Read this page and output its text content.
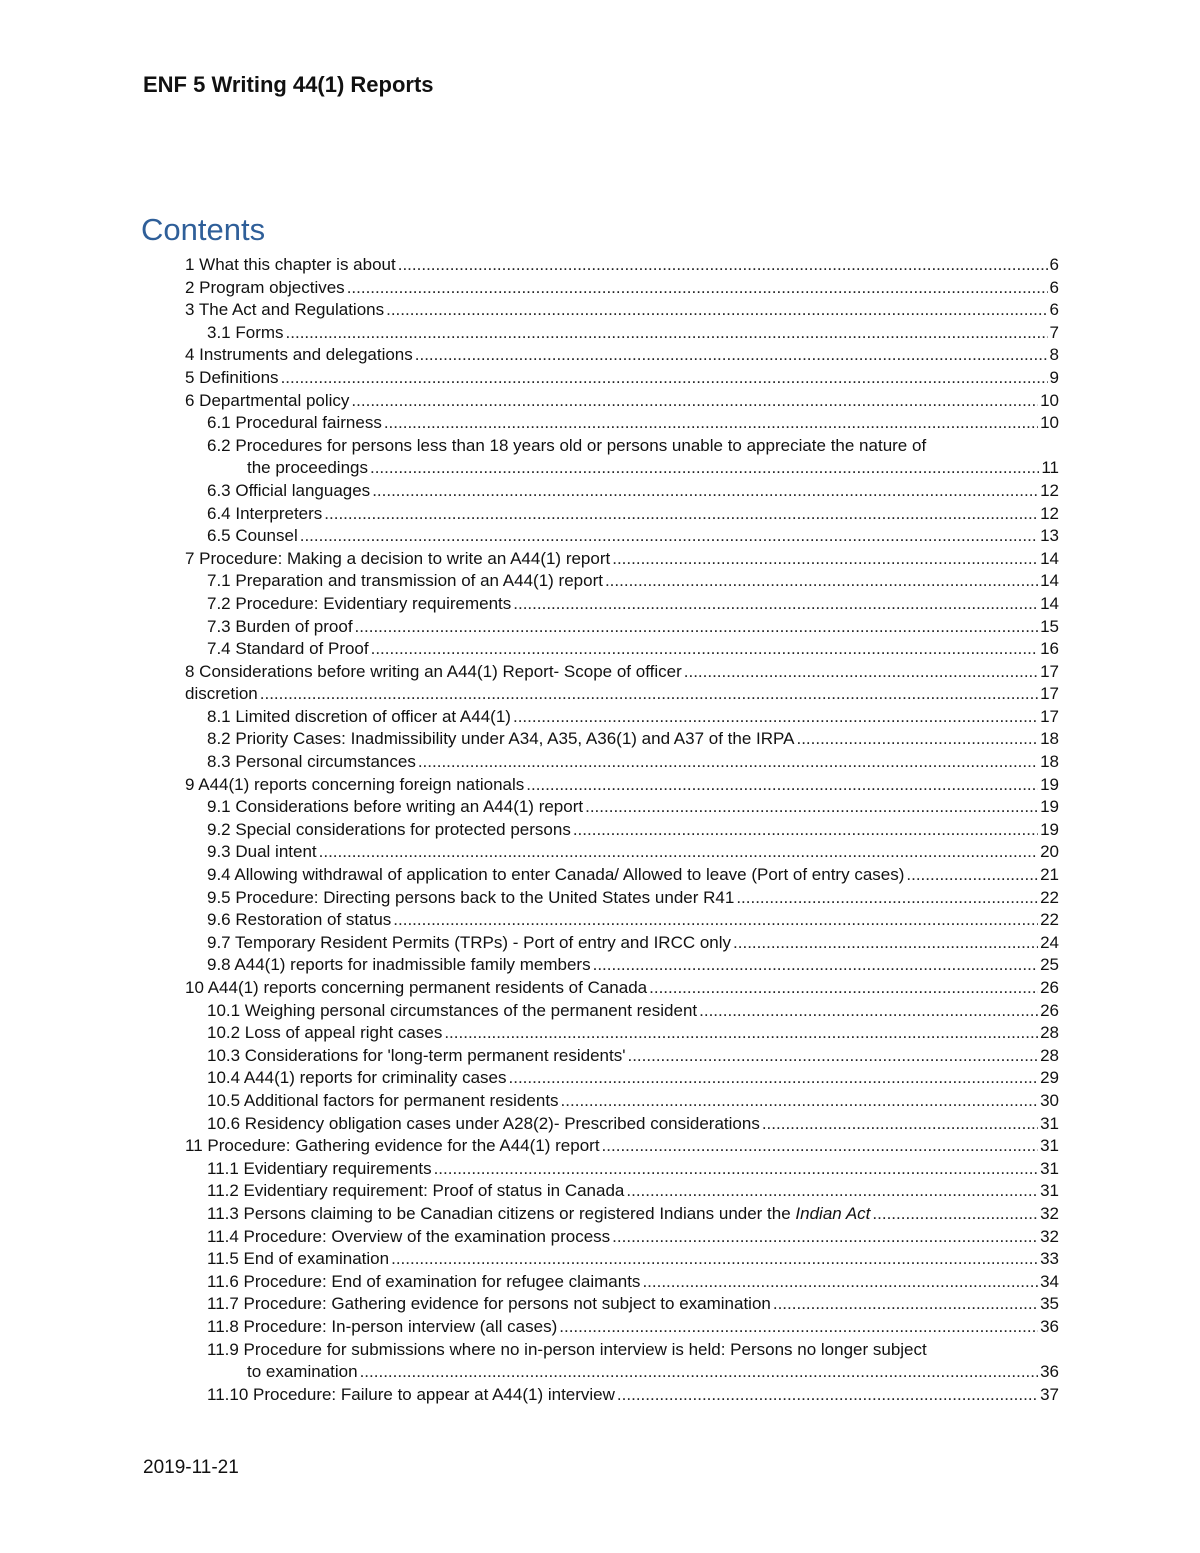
ENF 5 Writing 44(1) Reports
Contents
1 What this chapter is about .....	6
2 Program objectives .....	6
3 The Act and Regulations .....	6
3.1 Forms .....	7
4 Instruments and delegations .....	8
5 Definitions .....	9
6 Departmental policy .....	10
6.1 Procedural fairness .....	10
6.2 Procedures for persons less than 18 years old or persons unable to appreciate the nature of
the proceedings .....	11
6.3 Official languages .....	12
6.4 Interpreters .....	12
6.5 Counsel .....	13
7 Procedure: Making a decision to write an A44(1) report .....	14
7.1 Preparation and transmission of an A44(1) report .....	14
7.2 Procedure: Evidentiary requirements .....	14
7.3 Burden of proof .....	15
7.4 Standard of Proof .....	16
8 Considerations before writing an A44(1) Report- Scope of officer .....	17
discretion .....	17
8.1 Limited discretion of officer at A44(1) .....	17
8.2 Priority Cases: Inadmissibility under A34, A35, A36(1) and A37 of the IRPA .....	18
8.3 Personal circumstances .....	18
9 A44(1) reports concerning foreign nationals .....	19
9.1 Considerations before writing an A44(1) report .....	19
9.2 Special considerations for protected persons .....	19
9.3 Dual intent .....	20
9.4 Allowing withdrawal of application to enter Canada/ Allowed to leave (Port of entry cases) .....	21
9.5 Procedure: Directing persons back to the United States under R41 .....	22
9.6 Restoration of status .....	22
9.7 Temporary Resident Permits (TRPs) - Port of entry and IRCC only .....	24
9.8 A44(1) reports for inadmissible family members .....	25
10 A44(1) reports concerning permanent residents of Canada .....	26
10.1 Weighing personal circumstances of the permanent resident .....	26
10.2 Loss of appeal right cases .....	28
10.3 Considerations for 'long-term permanent residents' .....	28
10.4 A44(1) reports for criminality cases .....	29
10.5 Additional factors for permanent residents .....	30
10.6 Residency obligation cases under A28(2)- Prescribed considerations .....	31
11 Procedure: Gathering evidence for the A44(1) report .....	31
11.1 Evidentiary requirements .....	31
11.2 Evidentiary requirement: Proof of status in Canada .....	31
11.3 Persons claiming to be Canadian citizens or registered Indians under the Indian Act .....	32
11.4 Procedure: Overview of the examination process .....	32
11.5 End of examination .....	33
11.6 Procedure: End of examination for refugee claimants .....	34
11.7 Procedure: Gathering evidence for persons not subject to examination .....	35
11.8 Procedure: In-person interview (all cases) .....	36
11.9 Procedure for submissions where no in-person interview is held: Persons no longer subject
to examination .....	36
11.10 Procedure: Failure to appear at A44(1) interview .....	37
2019-11-21
